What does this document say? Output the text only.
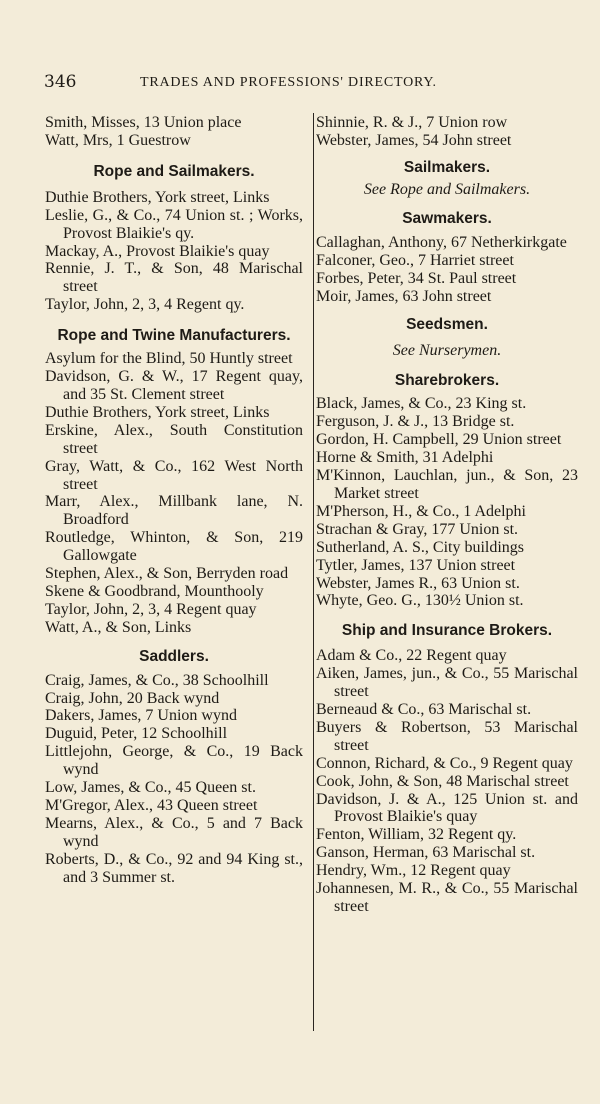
346	TRADES AND PROFESSIONS' DIRECTORY.
Smith, Misses, 13 Union place
Watt, Mrs, 1 Guestrow
Rope and Sailmakers.
Duthie Brothers, York street, Links
Leslie, G., & Co., 74 Union st. ; Works, Provost Blaikie's qy.
Mackay, A., Provost Blaikie's quay
Rennie, J. T., & Son, 48 Marischal street
Taylor, John, 2, 3, 4 Regent qy.
Rope and Twine Manufacturers.
Asylum for the Blind, 50 Huntly street
Davidson, G. & W., 17 Regent quay, and 35 St. Clement street
Duthie Brothers, York street, Links
Erskine, Alex., South Constitution street
Gray, Watt, & Co., 162 West North street
Marr, Alex., Millbank lane, N. Broadford
Routledge, Whinton, & Son, 219 Gallowgate
Stephen, Alex., & Son, Berryden road
Skene & Goodbrand, Mounthooly
Taylor, John, 2, 3, 4 Regent quay
Watt, A., & Son, Links
Saddlers.
Craig, James, & Co., 38 Schoolhill
Craig, John, 20 Back wynd
Dakers, James, 7 Union wynd
Duguid, Peter, 12 Schoolhill
Littlejohn, George, & Co., 19 Back wynd
Low, James, & Co., 45 Queen st.
M'Gregor, Alex., 43 Queen street
Mearns, Alex., & Co., 5 and 7 Back wynd
Roberts, D., & Co., 92 and 94 King st., and 3 Summer st.
Shinnie, R. & J., 7 Union row
Webster, James, 54 John street
Sailmakers.
See Rope and Sailmakers.
Sawmakers.
Callaghan, Anthony, 67 Netherkirkgate
Falconer, Geo., 7 Harriet street
Forbes, Peter, 34 St. Paul street
Moir, James, 63 John street
Seedsmen.
See Nurserymen.
Sharebrokers.
Black, James, & Co., 23 King st.
Ferguson, J. & J., 13 Bridge st.
Gordon, H. Campbell, 29 Union street
Horne & Smith, 31 Adelphi
M'Kinnon, Lauchlan, jun., & Son, 23 Market street
M'Pherson, H., & Co., 1 Adelphi
Strachan & Gray, 177 Union st.
Sutherland, A. S., City buildings
Tytler, James, 137 Union street
Webster, James R., 63 Union st.
Whyte, Geo. G., 130½ Union st.
Ship and Insurance Brokers.
Adam & Co., 22 Regent quay
Aiken, James, jun., & Co., 55 Marischal street
Berneaud & Co., 63 Marischal st.
Buyers & Robertson, 53 Marischal street
Connon, Richard, & Co., 9 Regent quay
Cook, John, & Son, 48 Marischal street
Davidson, J. & A., 125 Union st. and Provost Blaikie's quay
Fenton, William, 32 Regent qy.
Ganson, Herman, 63 Marischal st.
Hendry, Wm., 12 Regent quay
Johannesen, M. R., & Co., 55 Marischal street
